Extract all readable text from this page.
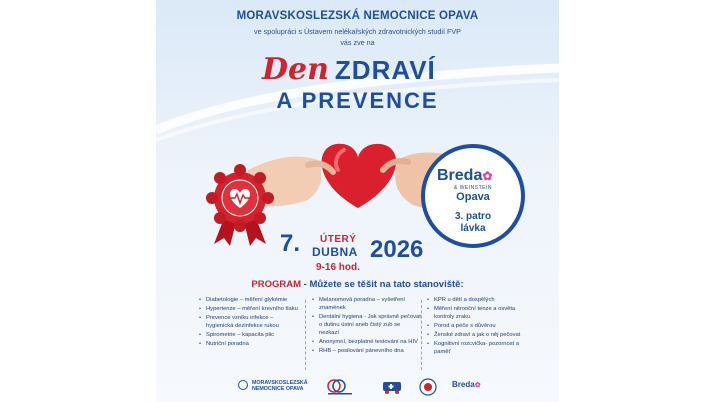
MORAVSKOSLEZSKÁ NEMOCNICE OPAVA
ve spolupráci s Ústavem nelékařských zdravotnických studií FVP
vás zve na
Den ZDRAVÍ
A PREVENCE
Breda✿
& WEINSTEIN
Opava
3. patro
lávka
7. ÚTERÝ
DUBNA 2026
9-16 hod.
PROGRAM - Můžete se těšit na tato stanoviště:
• Diabetologie – měření glykémie
• Hypertenze – měření krevního tlaku
• Prevence vzniku infekce – hygienická dezinfekce rukou
• Spirometrie – kapacita plic
• Nutriční poradna
• Melanomová poradna – vyšetření znamének
• Dentální hygiena - Jak správně pečovat o dutinu ústní aneb čistý zub se nezkazí
• Anonymní, bezplatné testování na HIV
• RHB – posilování pánevního dna
• KPR u dětí a dospělých
• Měření nitrooční tenze a osvěta kontroly zraku
• Porod a péče s důvěrou
• Ženské zdraví a jak o něj pečovat
• Kognitivní rozcvička- pozornost a paměť
MORAVSKOSLEZSKÁ
NEMOCNICE OPAVA	Breda✿
